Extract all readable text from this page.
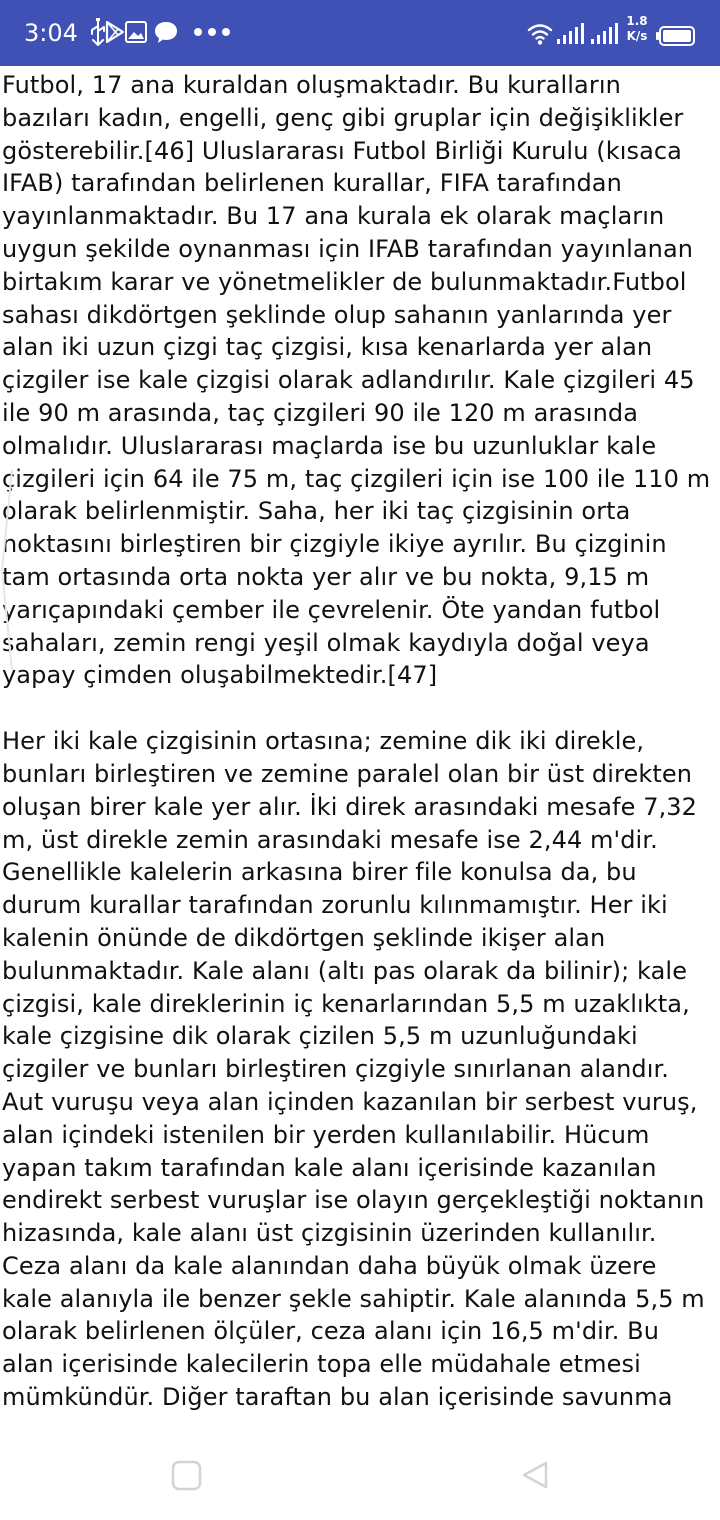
3:04	1.8
K/s

Futbol, 17 ana kuraldan oluşmaktadır. Bu kuralların bazıları kadın, engelli, genç gibi gruplar için değişiklikler gösterebilir.[46] Uluslararası Futbol Birliği Kurulu (kısaca IFAB) tarafından belirlenen kurallar, FIFA tarafından yayınlanmaktadır. Bu 17 ana kurala ek olarak maçların uygun şekilde oynanması için IFAB tarafından yayınlanan birtakım karar ve yönetmelikler de bulunmaktadır.Futbol sahası dikdörtgen şeklinde olup sahanın yanlarında yer alan iki uzun çizgi taç çizgisi, kısa kenarlarda yer alan çizgiler ise kale çizgisi olarak adlandırılır. Kale çizgileri 45 ile 90 m arasında, taç çizgileri 90 ile 120 m arasında olmalıdır. Uluslararası maçlarda ise bu uzunluklar kale çizgileri için 64 ile 75 m, taç çizgileri için ise 100 ile 110 m olarak belirlenmiştir. Saha, her iki taç çizgisinin orta noktasını birleştiren bir çizgiyle ikiye ayrılır. Bu çizginin tam ortasında orta nokta yer alır ve bu nokta, 9,15 m yarıçapındaki çember ile çevrelenir. Öte yandan futbol sahaları, zemin rengi yeşil olmak kaydıyla doğal veya yapay çimden oluşabilmektedir.[47]

Her iki kale çizgisinin ortasına; zemine dik iki direkle, bunları birleştiren ve zemine paralel olan bir üst direkten oluşan birer kale yer alır. İki direk arasındaki mesafe 7,32 m, üst direkle zemin arasındaki mesafe ise 2,44 m'dir. Genellikle kalelerin arkasına birer file konulsa da, bu durum kurallar tarafından zorunlu kılınmamıştır. Her iki kalenin önünde de dikdörtgen şeklinde ikişer alan bulunmaktadır. Kale alanı (altı pas olarak da bilinir); kale çizgisi, kale direklerinin iç kenarlarından 5,5 m uzaklıkta, kale çizgisine dik olarak çizilen 5,5 m uzunluğundaki çizgiler ve bunları birleştiren çizgiyle sınırlanan alandır. Aut vuruşu veya alan içinden kazanılan bir serbest vuruş, alan içindeki istenilen bir yerden kullanılabilir. Hücum yapan takım tarafından kale alanı içerisinde kazanılan endirekt serbest vuruşlar ise olayın gerçekleştiği noktanın hizasında, kale alanı üst çizgisinin üzerinden kullanılır. Ceza alanı da kale alanından daha büyük olmak üzere kale alanıyla ile benzer şekle sahiptir. Kale alanında 5,5 m olarak belirlenen ölçüler, ceza alanı için 16,5 m'dir. Bu alan içerisinde kalecilerin topa elle müdahale etmesi mümkündür. Diğer taraftan bu alan içerisinde savunma
